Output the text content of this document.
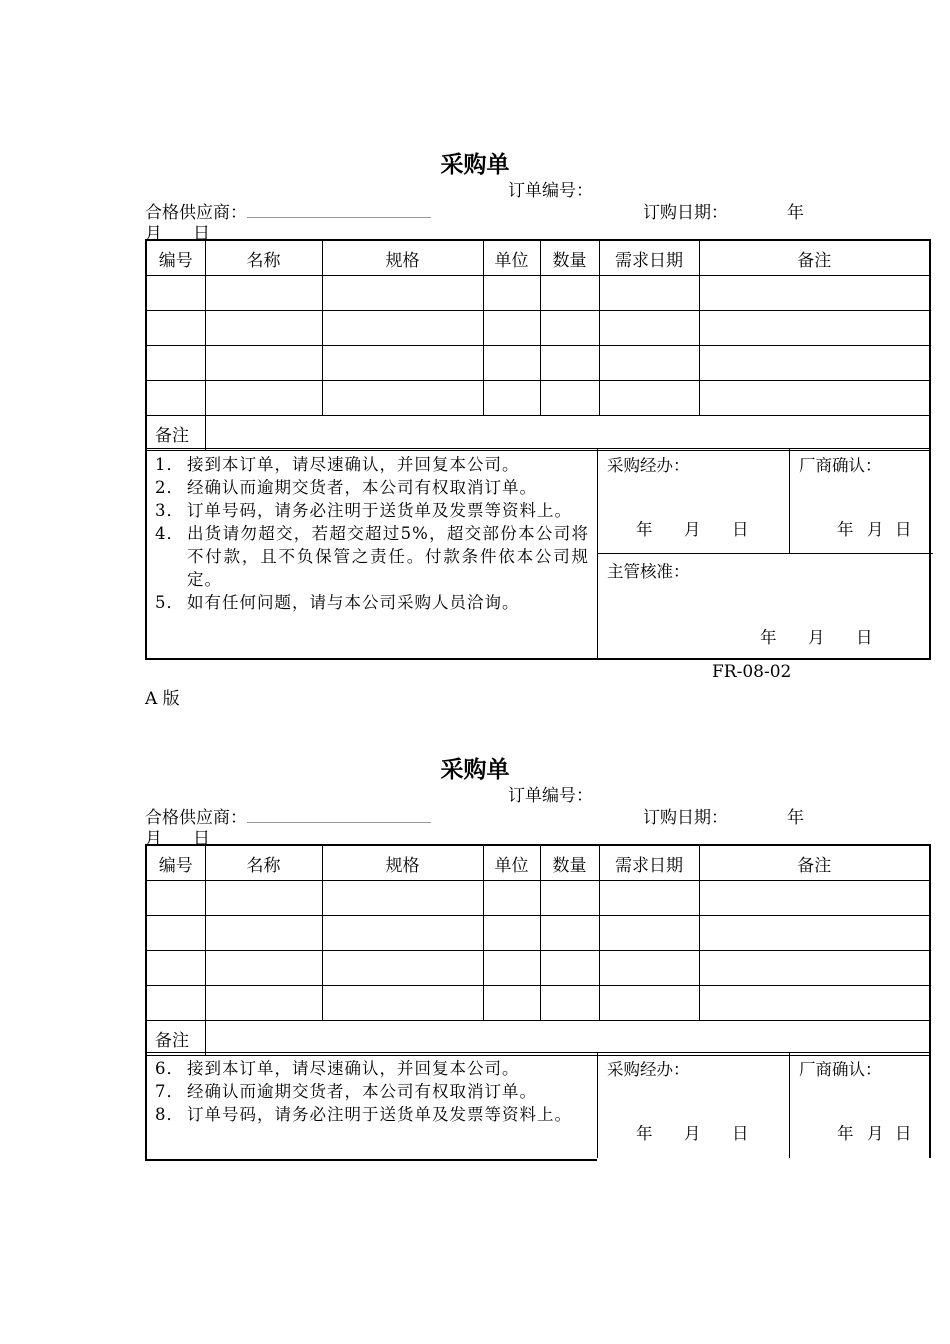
采购单
订单编号：
合格供应商：	订购日期：	年
月 日
编号	名称	规格	单位	数量	需求日期	备注

备注						
1． 接到本订单，请尽速确认，并回复本公司。
2． 经确认而逾期交货者，本公司有权取消订单。
3． 订单号码，请务必注明于送货单及发票等资料上。
4． 出货请勿超交，若超交超过5%，超交部份本公司将不付款，且不负保管之责任。付款条件依本公司规定。
5． 如有任何问题，请与本公司采购人员洽询。
采购经办：
年 月 日
厂商确认：
年 月 日
主管核准：
年 月 日
FR-08-02
A 版
采购单
订单编号：
合格供应商：	订购日期：	年
月 日
编号	名称	规格	单位	数量	需求日期	备注

备注						
6． 接到本订单，请尽速确认，并回复本公司。
7． 经确认而逾期交货者，本公司有权取消订单。
8． 订单号码，请务必注明于送货单及发票等资料上。
采购经办：
年 月 日
厂商确认：
年 月 日
